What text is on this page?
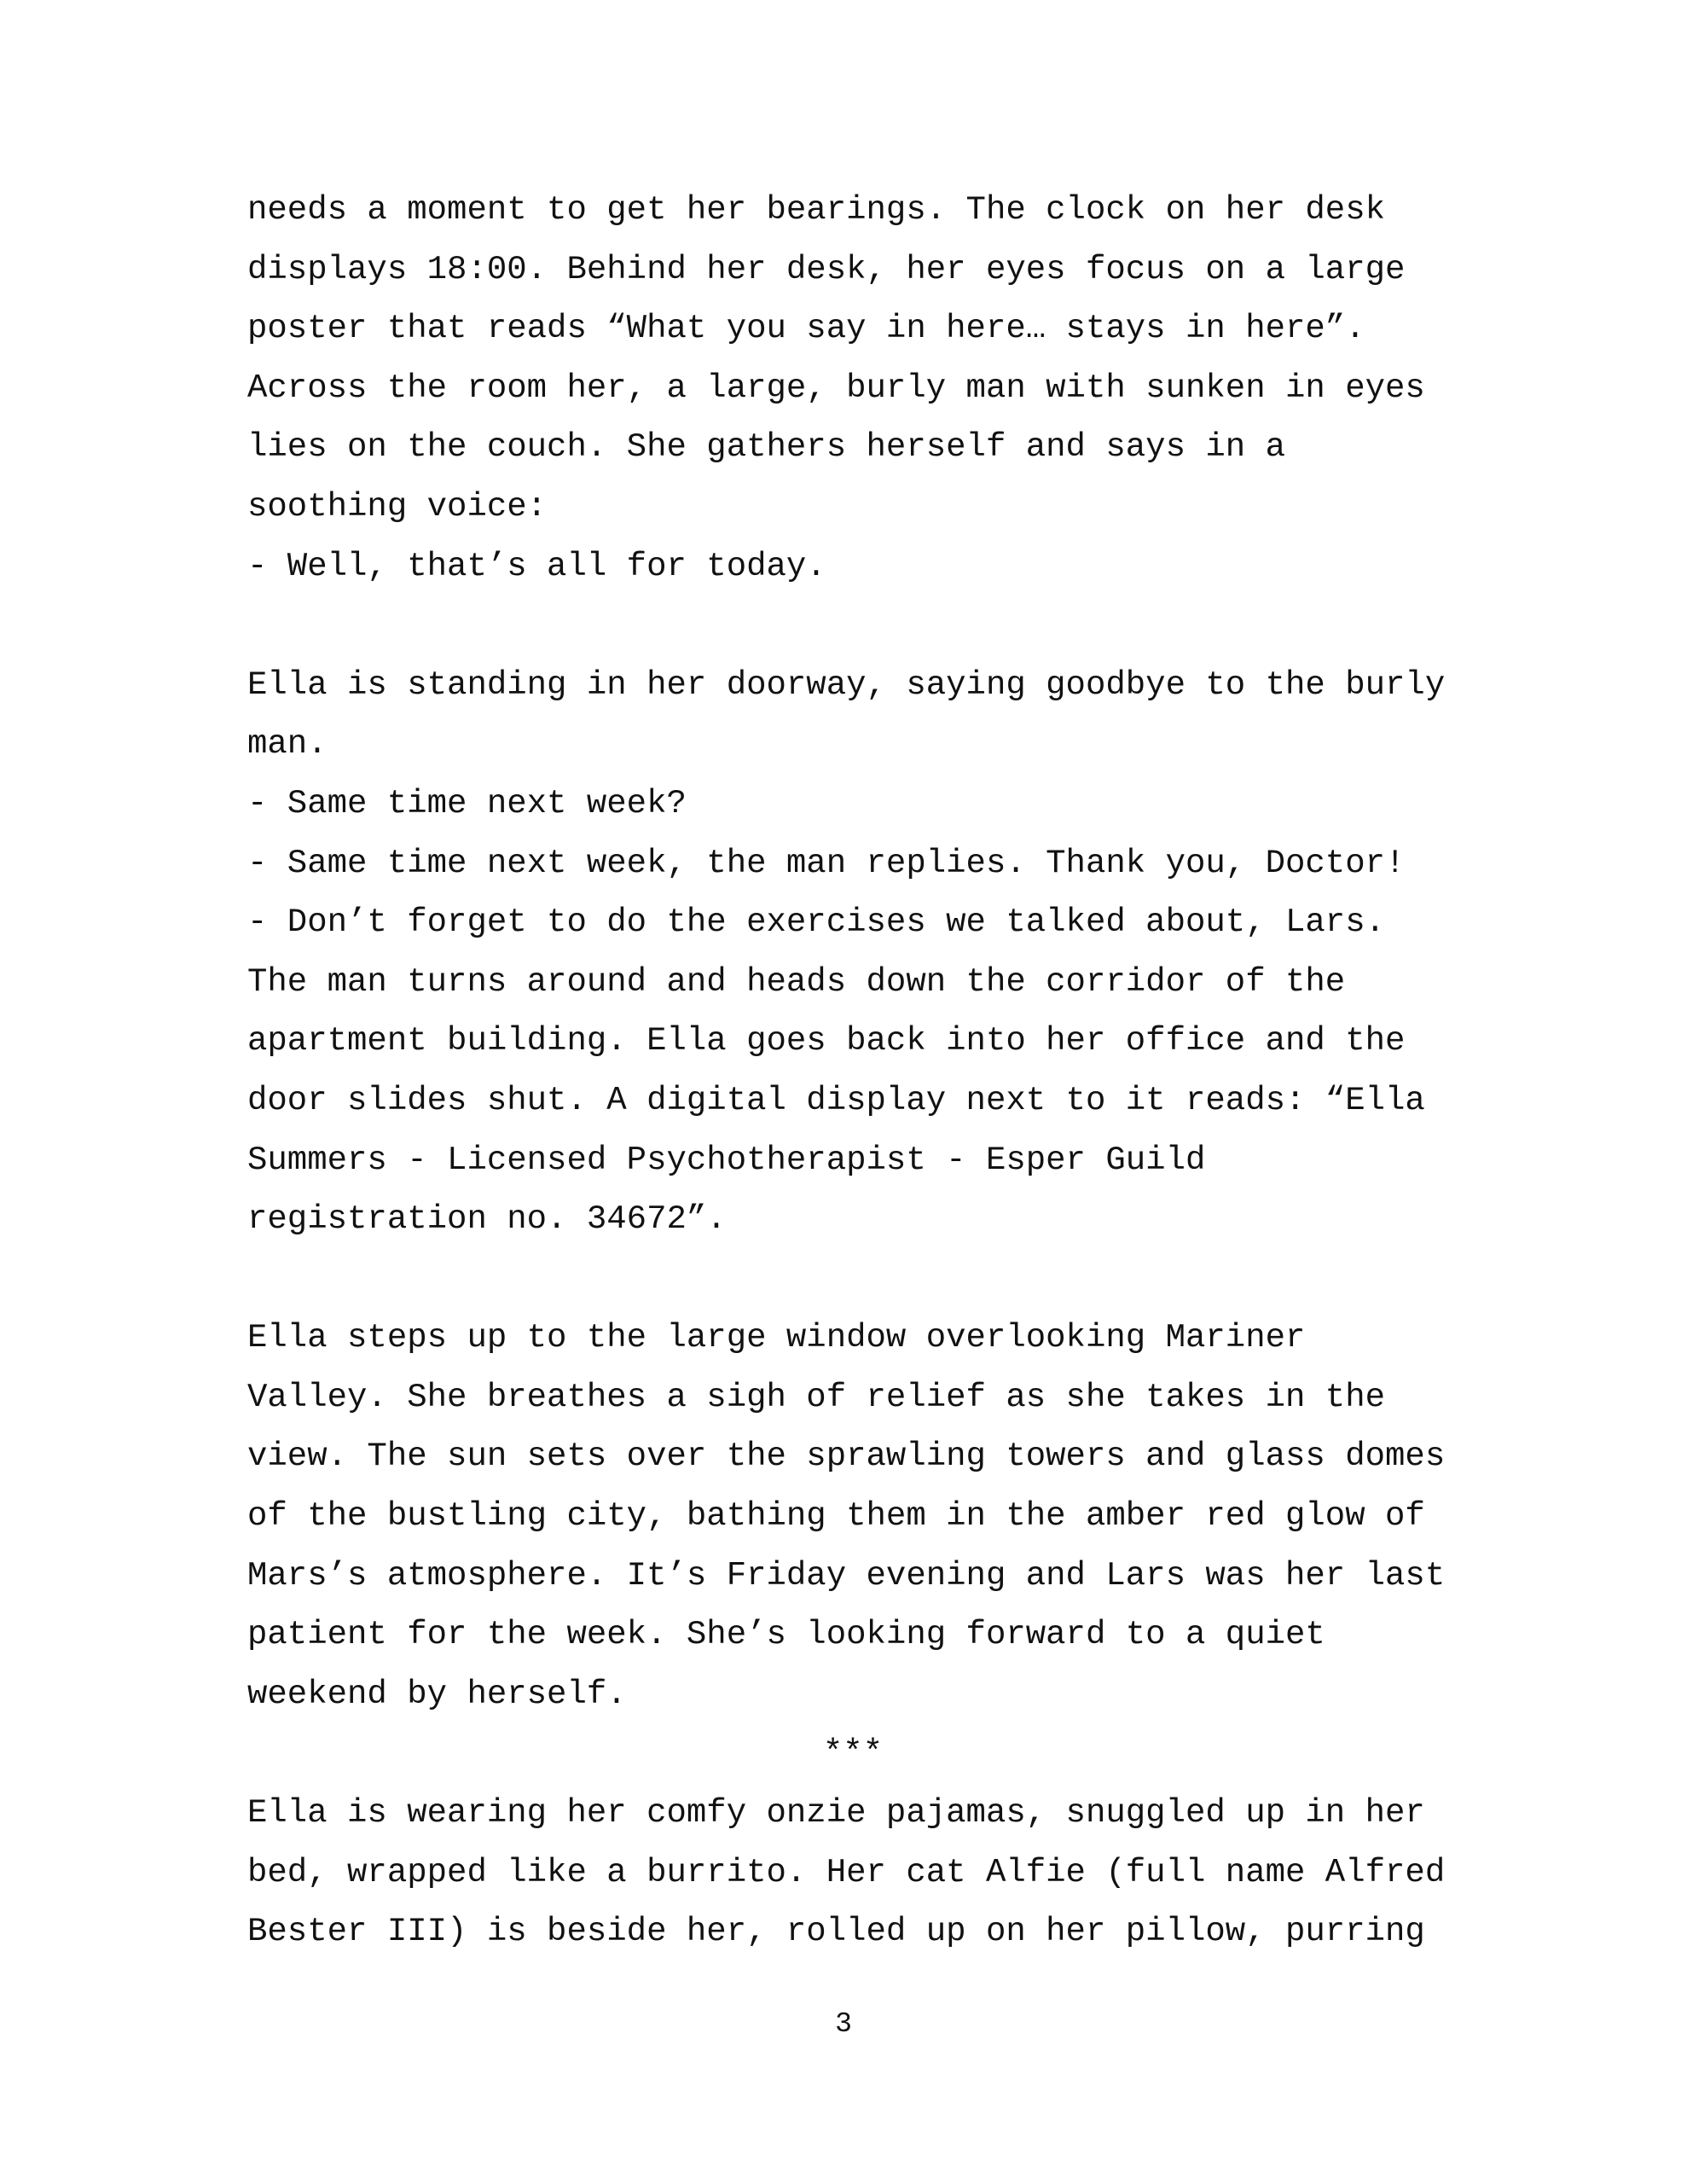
needs a moment to get her bearings. The clock on her desk
displays 18:00. Behind her desk, her eyes focus on a large
poster that reads “What you say in here… stays in here”.
Across the room her, a large, burly man with sunken in eyes
lies on the couch. She gathers herself and says in a
soothing voice:
- Well, that’s all for today.
Ella is standing in her doorway, saying goodbye to the burly
man.
- Same time next week?
- Same time next week, the man replies. Thank you, Doctor!
- Don’t forget to do the exercises we talked about, Lars.
The man turns around and heads down the corridor of the
apartment building. Ella goes back into her office and the
door slides shut. A digital display next to it reads: “Ella
Summers - Licensed Psychotherapist - Esper Guild
registration no. 34672”.
Ella steps up to the large window overlooking Mariner
Valley. She breathes a sigh of relief as she takes in the
view. The sun sets over the sprawling towers and glass domes
of the bustling city, bathing them in the amber red glow of
Mars’s atmosphere. It’s Friday evening and Lars was her last
patient for the week. She’s looking forward to a quiet
weekend by herself.
***
Ella is wearing her comfy onzie pajamas, snuggled up in her
bed, wrapped like a burrito. Her cat Alfie (full name Alfred
Bester III) is beside her, rolled up on her pillow, purring
3
